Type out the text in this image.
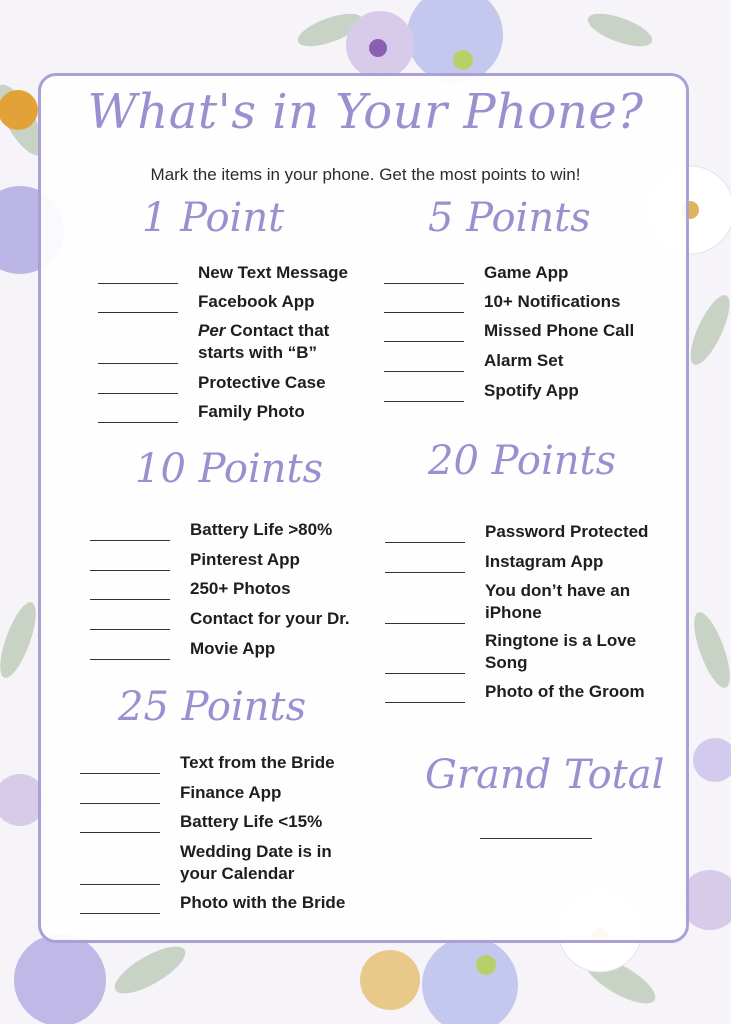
What's in Your Phone?
Mark the items in your phone. Get the most points to win!
1 Point	5 Points
10 Points	20 Points
25 Points
Grand Total
New Text Message
Facebook App
Per Contact that
starts with “B”
Protective Case
Family Photo
Game App
10+ Notifications
Missed Phone Call
Alarm Set
Spotify App
Battery Life >80%
Pinterest App
250+ Photos
Contact for your Dr.
Movie App
Password Protected
Instagram App
You don’t have an
iPhone
Ringtone is a Love
Song
Photo of the Groom
Text from the Bride
Finance App
Battery Life <15%
Wedding Date is in
your Calendar
Photo with the Bride
